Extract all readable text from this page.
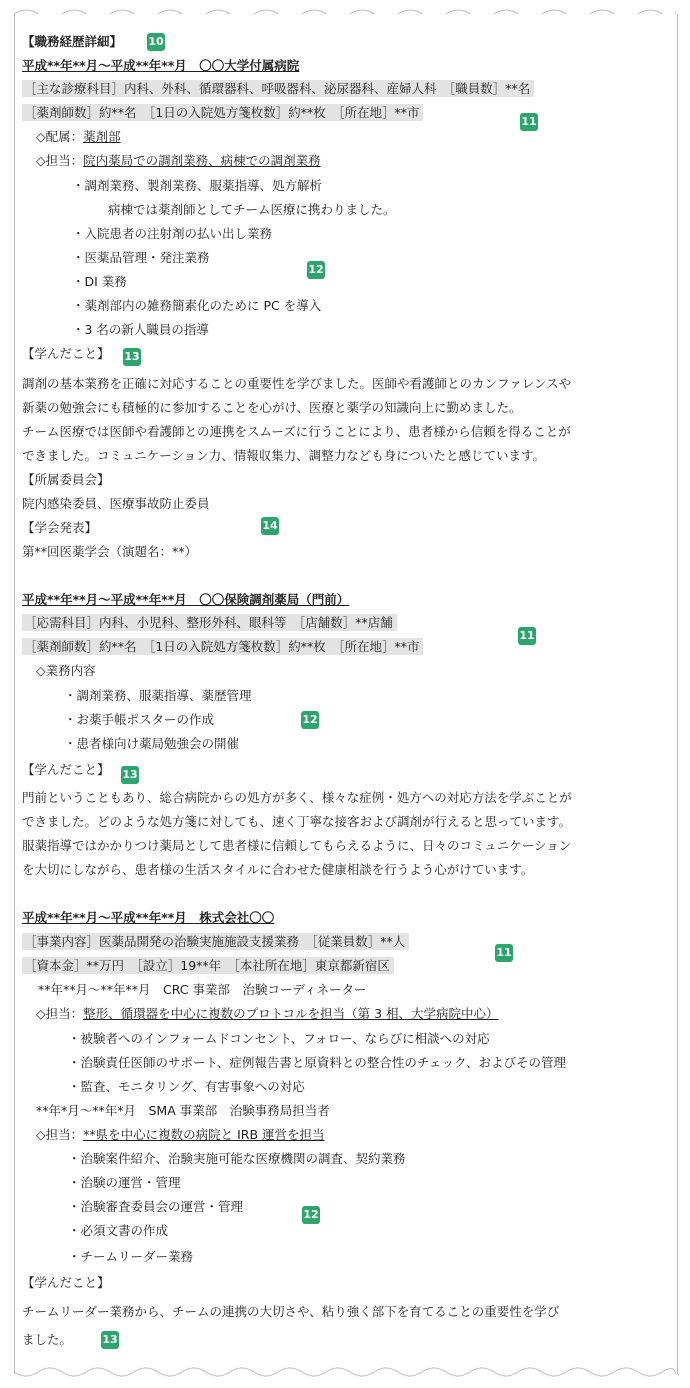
【職務経歴詳細】 10
平成**年**月～平成**年**月　〇〇大学付属病院
［主な診療科目］内科、外科、循環器科、呼吸器科、泌尿器科、産婦人科　［職員数］**名
［薬剤師数］約**名　［1日の入院処方箋枚数］約**枚　［所在地］**市
11
◇配属：薬剤部
◇担当：院内薬局での調剤業務、病棟での調剤業務
・調剤業務、製剤業務、服薬指導、処方解析
病棟では薬剤師としてチーム医療に携わりました。
・入院患者の注射剤の払い出し業務
・医薬品管理・発注業務
・DI 業務
・薬剤部内の雑務簡素化のために PC を導入
・3 名の新人職員の指導
12
【学んだこと】 13
調剤の基本業務を正確に対応することの重要性を学びました。医師や看護師とのカンファレンスや
新薬の勉強会にも積極的に参加することを心がけ、医療と薬学の知識向上に勤めました。
チーム医療では医師や看護師との連携をスムーズに行うことにより、患者様から信頼を得ることが
できました。コミュニケーション力、情報収集力、調整力なども身についたと感じています。
【所属委員会】
院内感染委員、医療事故防止委員
【学会発表】	14
第**回医薬学会（演題名：**）
平成**年**月～平成**年**月　〇〇保険調剤薬局（門前）
［応需科目］内科、小児科、整形外科、眼科等　［店舗数］**店舗
［薬剤師数］約**名　［1日の入院処方箋枚数］約**枚　［所在地］**市
11
◇業務内容
・調剤業務、服薬指導、薬歴管理
・お薬手帳ポスターの作成
・患者様向け薬局勉強会の開催
12
【学んだこと】 13
門前ということもあり、総合病院からの処方が多く、様々な症例・処方への対応方法を学ぶことが
できました。どのような処方箋に対しても、速く丁寧な接客および調剤が行えると思っています。
服薬指導ではかかりつけ薬局として患者様に信頼してもらえるように、日々のコミュニケーション
を大切にしながら、患者様の生活スタイルに合わせた健康相談を行うよう心がけています。
平成**年**月～平成**年**月　株式会社〇〇
［事業内容］医薬品開発の治験実施施設支援業務　［従業員数］**人
［資本金］**万円　［設立］19**年　［本社所在地］東京都新宿区
11
**年**月～**年**月　CRC 事業部　治験コーディネーター
◇担当：整形、循環器を中心に複数のプロトコルを担当（第 3 相、大学病院中心）
・被験者へのインフォームドコンセント、フォロー、ならびに相談への対応
・治験責任医師のサポート、症例報告書と原資料との整合性のチェック、およびその管理
・監査、モニタリング、有害事象への対応
**年*月～**年*月　SMA 事業部　治験事務局担当者
◇担当：**県を中心に複数の病院と IRB 運営を担当
・治験案件紹介、治験実施可能な医療機関の調査、契約業務
・治験の運営・管理
・治験審査委員会の運営・管理
・必須文書の作成
・チームリーダー業務
12
【学んだこと】
チームリーダー業務から、チームの連携の大切さや、粘り強く部下を育てることの重要性を学び
ました。	13
